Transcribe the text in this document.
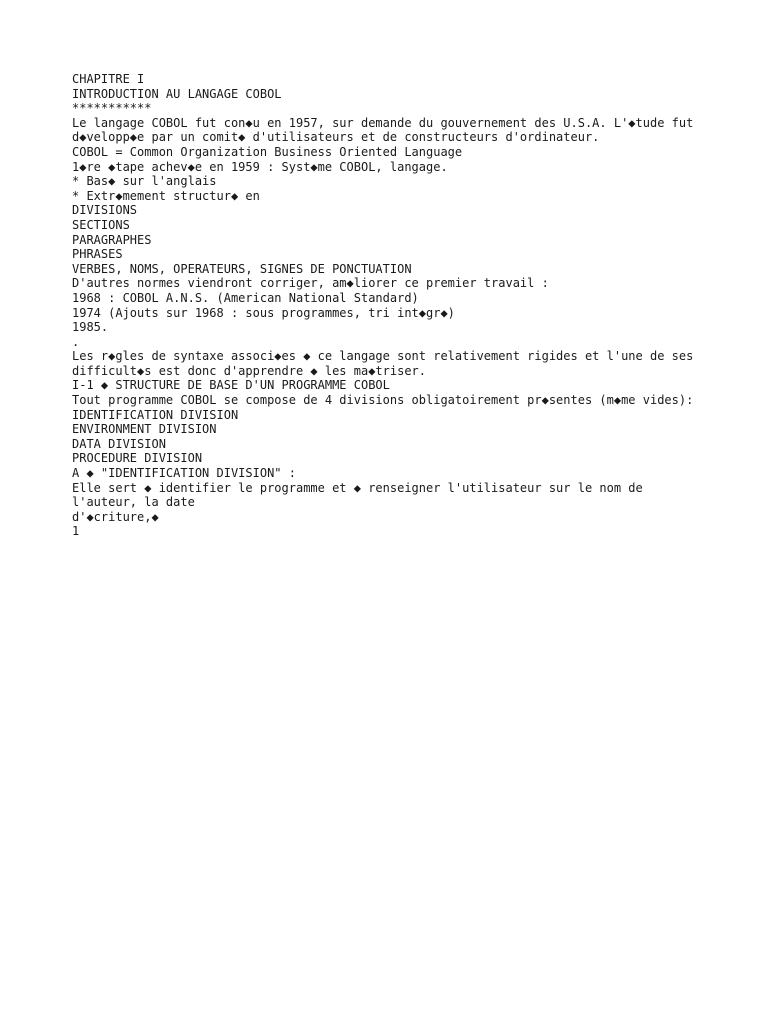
CHAPITRE I
INTRODUCTION AU LANGAGE COBOL
***********
Le langage COBOL fut con◆u en 1957, sur demande du gouvernement des U.S.A. L'◆tude fut
d◆velopp◆e par un comit◆ d'utilisateurs et de constructeurs d'ordinateur.
COBOL = Common Organization Business Oriented Language
1◆re ◆tape achev◆e en 1959 : Syst◆me COBOL, langage.
* Bas◆ sur l'anglais
* Extr◆mement structur◆ en
DIVISIONS
SECTIONS
PARAGRAPHES
PHRASES
VERBES, NOMS, OPERATEURS, SIGNES DE PONCTUATION
D'autres normes viendront corriger, am◆liorer ce premier travail :
1968 : COBOL A.N.S. (American National Standard)
1974 (Ajouts sur 1968 : sous programmes, tri int◆gr◆)
1985.
.
Les r◆gles de syntaxe associ◆es ◆ ce langage sont relativement rigides et l'une de ses
difficult◆s est donc d'apprendre ◆ les ma◆triser.
I-1 ◆ STRUCTURE DE BASE D'UN PROGRAMME COBOL
Tout programme COBOL se compose de 4 divisions obligatoirement pr◆sentes (m◆me vides):
IDENTIFICATION DIVISION
ENVIRONMENT DIVISION
DATA DIVISION
PROCEDURE DIVISION
A ◆ "IDENTIFICATION DIVISION" :
Elle sert ◆ identifier le programme et ◆ renseigner l'utilisateur sur le nom de l'auteur, la date
d'◆criture,◆
1
